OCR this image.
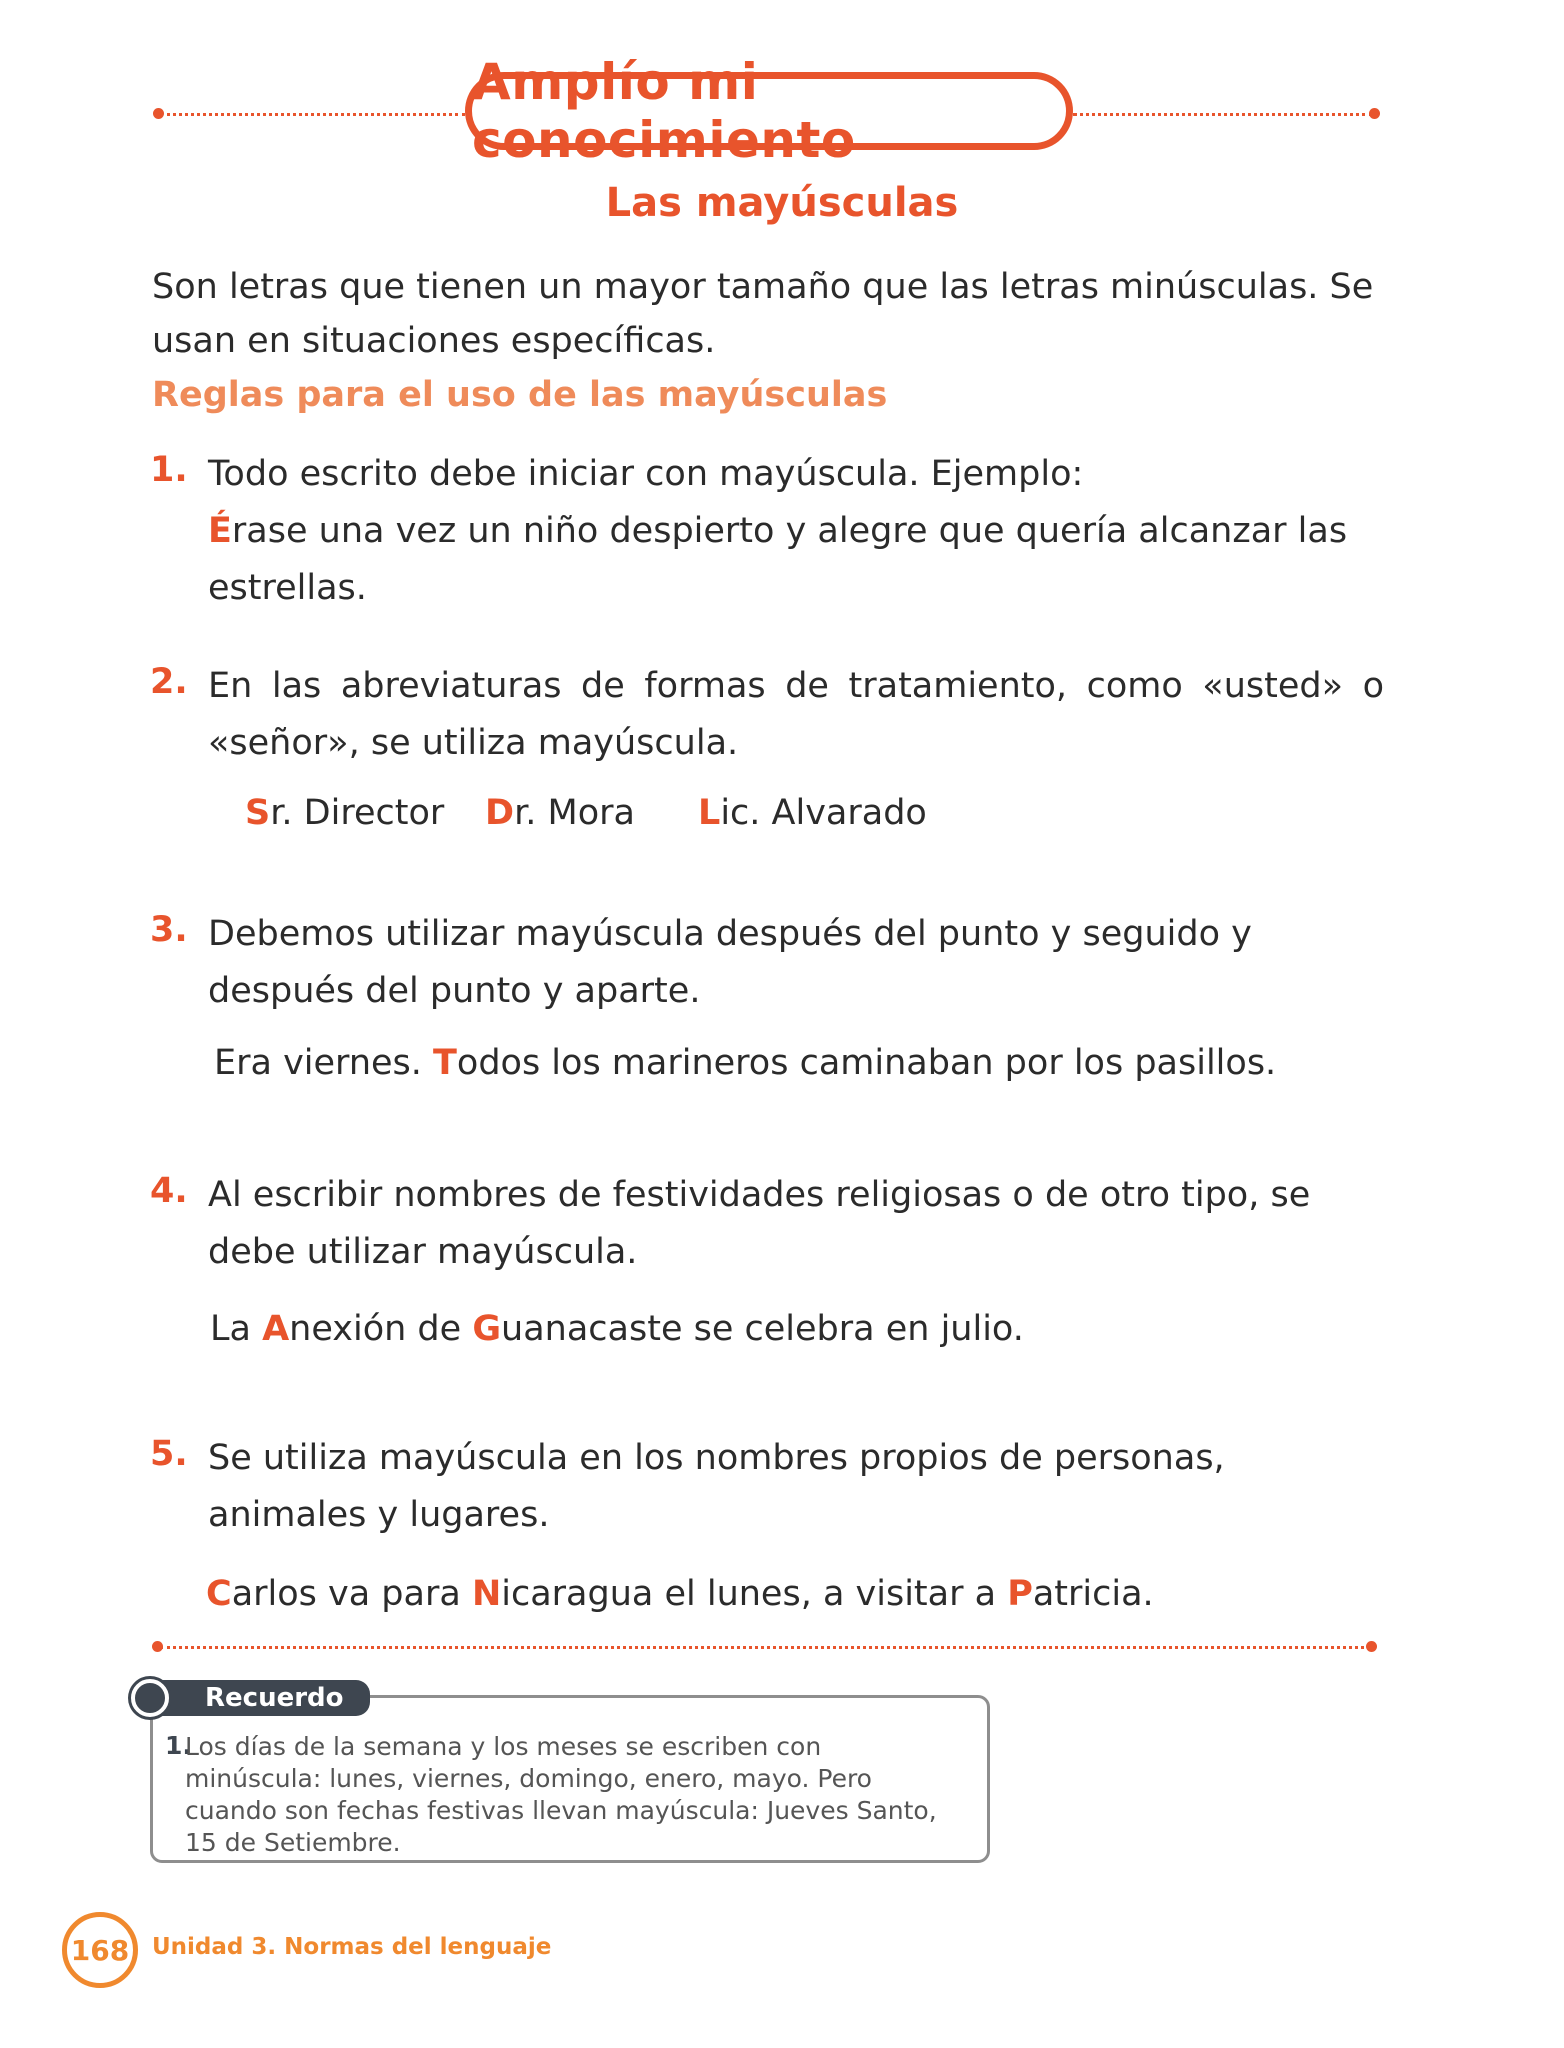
Amplío mi conocimiento
Las mayúsculas
Son letras que tienen un mayor tamaño que las letras minúsculas. Se usan en situaciones específicas.
Reglas para el uso de las mayúsculas
1. Todo escrito debe iniciar con mayúscula. Ejemplo:
Érase una vez un niño despierto y alegre que quería alcanzar las estrellas.
2. En las abreviaturas de formas de tratamiento, como «usted» o «señor», se utiliza mayúscula.
Sr. Director Dr. Mora Lic. Alvarado
3. Debemos utilizar mayúscula después del punto y seguido y después del punto y aparte.
Era viernes. Todos los marineros caminaban por los pasillos.
4. Al escribir nombres de festividades religiosas o de otro tipo, se debe utilizar mayúscula.
La Anexión de Guanacaste se celebra en julio.
5. Se utiliza mayúscula en los nombres propios de personas, animales y lugares.
Carlos va para Nicaragua el lunes, a visitar a Patricia.
Recuerdo
1.
Los días de la semana y los meses se escriben con minúscula: lunes, viernes, domingo, enero, mayo. Pero cuando son fechas festivas llevan mayúscula: Jueves Santo, 15 de Setiembre.
168 Unidad 3. Normas del lenguaje
